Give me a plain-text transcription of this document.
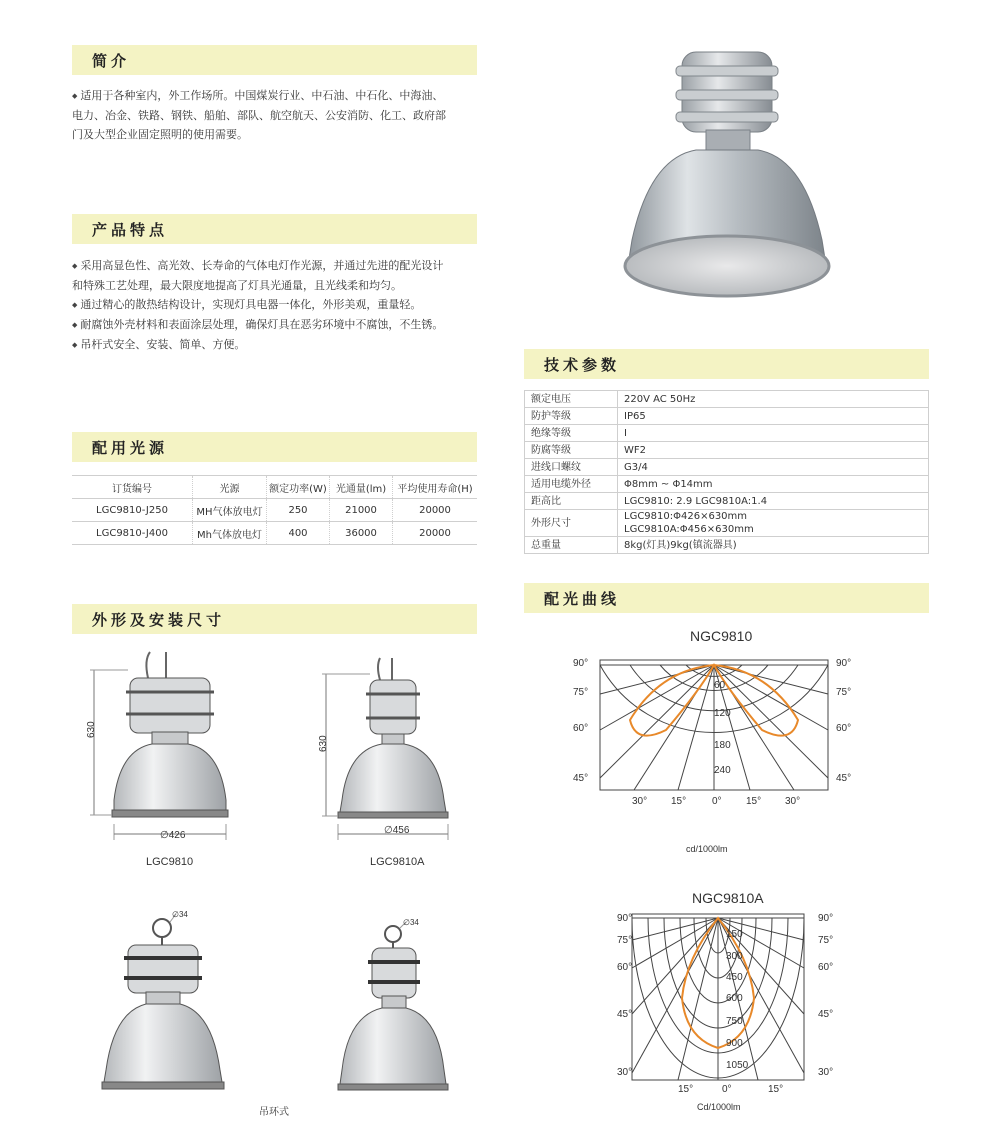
简介
产品特点
配用光源
外形及安装尺寸
技术参数
配光曲线

◆ 适用于各种室内，外工作场所。中国煤炭行业、中石油、中石化、中海油、

电力、冶金、铁路、钢铁、船舶、部队、航空航天、公安消防、化工、政府部

门及大型企业固定照明的使用需要。

◆ 采用高显色性、高光效、长寿命的气体电灯作光源，并通过先进的配光设计

和特殊工艺处理，最大限度地提高了灯具光通量，且光线柔和均匀。

◆ 通过精心的散热结构设计，实现灯具电器一体化，外形美观，重量轻。

◆ 耐腐蚀外壳材料和表面涂层处理，确保灯具在恶劣环境中不腐蚀，不生锈。

◆ 吊杆式安全、安装、简单、方便。

订货编号	光源	额定功率(W)	光通量(lm)	平均使用寿命(H)
LGC9810-J250	MH气体放电灯	250	21000	20000
LGC9810-J400	Mh气体放电灯	400	36000	20000
额定电压	220V AC 50Hz
防护等级	IP65
绝缘等级	I
防腐等级	WF2
进线口螺纹	G3/4
适用电缆外径	Φ8mm ~ Φ14mm
距高比	LGC9810: 2.9 LGC9810A:1.4
外形尺寸	LGC9810:Φ426×630mm
LGC9810A:Φ456×630mm

总重量	8kg(灯具)9kg(镇流器具)
630
630
∅426	∅456
LGC9810	LGC9810A
∅34
∅34
吊环式
NGC9810
90°
75°
60°
45°
90°
75°
60°
45°
30° 15°	0° 15° 30°
60
120
180
240
cd/1000lm
NGC9810A
90°
75°
60°
45°
30°
90°
75°
60°
45°
30°
15°	0°	15°
150
300
450
600
750
900
1050
Cd/1000lm
